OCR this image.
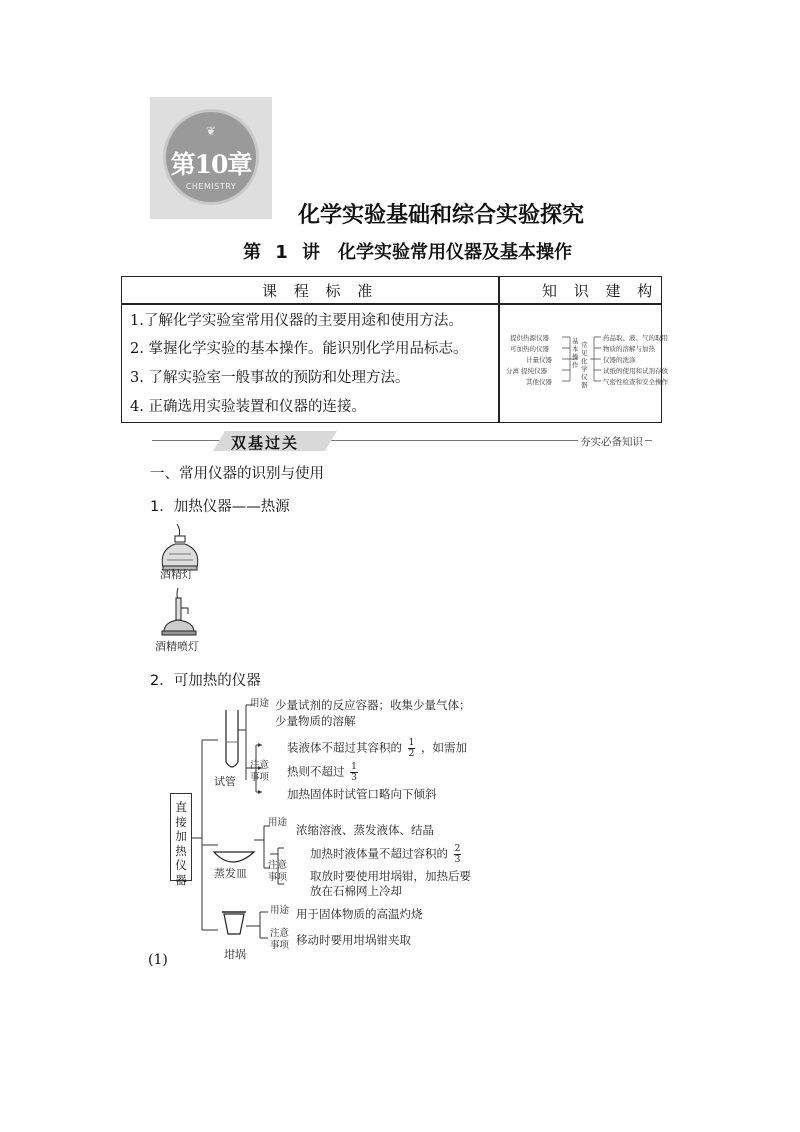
❦
第10章
CHEMISTRY
化学实验基础和综合实验探究
第 1 讲　化学实验常用仪器及基本操作
课 程 标 准	知 识 建 构
1.了解化学实验室常用仪器的主要用途和使用方法。
2. 掌握化学实验的基本操作。能识别化学用品标志。
3. 了解实验室一般事故的预防和处理方法。
4. 正确选用实验装置和仪器的连接。
提供热源仪器
可加热的仪器
计量仪器
分离 提纯仪器
其他仪器
常见化学仪器
基本操作
药品取、液、气的取用
物质的溶解与加热
仪器的洗涤
试纸的使用和试剂存放
气密性检查和安全操作
双基过关	夯实必备知识
一、常用仪器的识别与使用
1．加热仪器——热源
酒精灯
酒精喷灯
2．可加热的仪器
直接加热仪器
用途 少量试剂的反应容器；收集少量气体；
少量物质的溶解
注意事项
装液体不超过其容积的 $\frac{1}{2}$ ，如需加
热则不超过 $\frac{1}{3}$
加热固体时试管口略向下倾斜
试管
用途
浓缩溶液、蒸发液体、结晶
注意事项
加热时液体量不超过容积的 $\frac{2}{3}$
取放时要使用坩埚钳，加热后要
放在石棉网上冷却
蒸发皿
用途 用于固体物质的高温灼烧
注意事项 移动时要用坩埚钳夹取
坩埚
(1)
